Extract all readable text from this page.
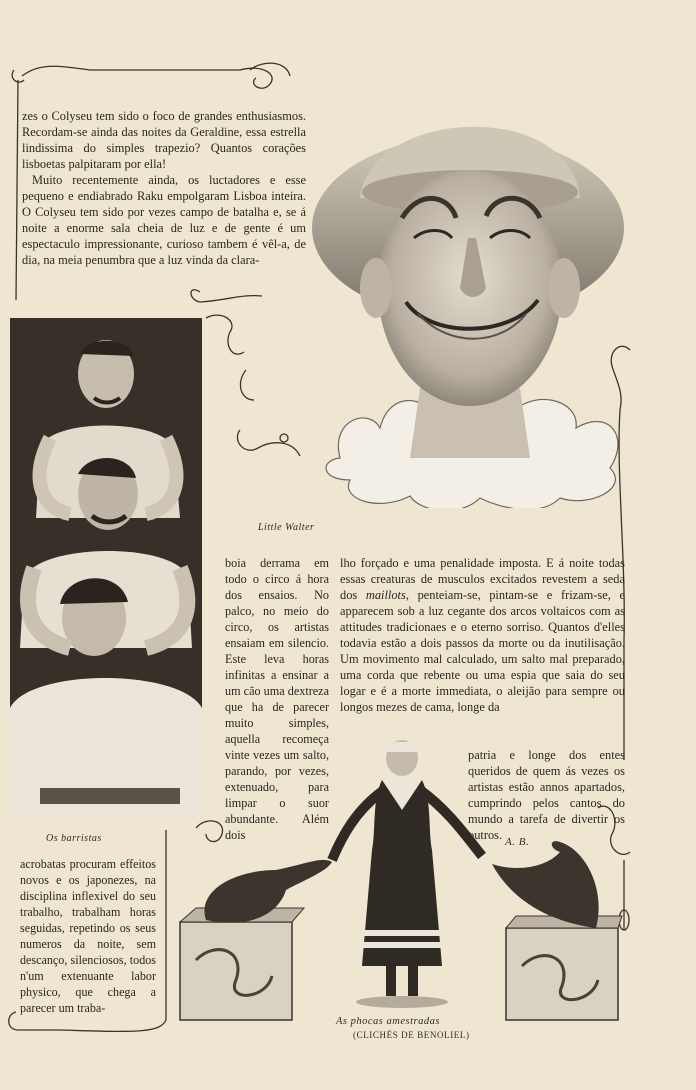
zes o Colyseu tem sido o foco de grandes enthusiasmos. Recordam-se ainda das noites da Geraldine, essa estrella lindissima do simples trapezio? Quantos corações lisboetas palpitaram por ella!

Muito recentemente ainda, os luctadores e esse pequeno e endiabrado Raku empolgaram Lisboa inteira. O Colyseu tem sido por vezes campo de batalha e, se á noite a enorme sala cheia de luz e de gente é um espectaculo impressionante, curioso tambem é vêl-a, de dia, na meia penumbra que a luz vinda da clara-

Little Walter
Os barristas

boia derrama em todo o circo á hora dos ensaios. No palco, no meio do circo, os artistas ensaiam em silencio. Este leva horas infinitas a ensinar a um cão uma dextreza que ha de parecer muito simples, aquella recomeça vinte vezes um salto, parando, por vezes, extenuado, para limpar o suor abundante. Além dois

lho forçado e uma penalidade imposta. E á noite todas essas creaturas de musculos excitados revestem a seda dos maillots, penteiam-se, pintam-se e frizam-se, e apparecem sob a luz cegante dos arcos voltaicos com as attitudes tradicionaes e o eterno sorriso. Quantos d'elles todavia estão a dois passos da morte ou da inutilisação. Um movimento mal calculado, um salto mal preparado, uma corda que rebente ou uma espia que saia do seu logar e é a morte immediata, o aleijão para sempre ou longos mezes de cama, longe da

patria e longe dos entes queridos de quem ás vezes os artistas estão annos apartados, cumprindo pelos cantos do mundo a tarefa de divertir os outros. A. B.

acrobatas procuram effeitos novos e os japonezes, na disciplina inflexivel do seu trabalho, trabalham horas seguidas, repetindo os seus numeros da noite, sem descanço, silenciosos, todos n'um extenuante labor physico, que chega a parecer um traba-

As phocas amestradas
(CLICHÉS DE BENOLIEL)
